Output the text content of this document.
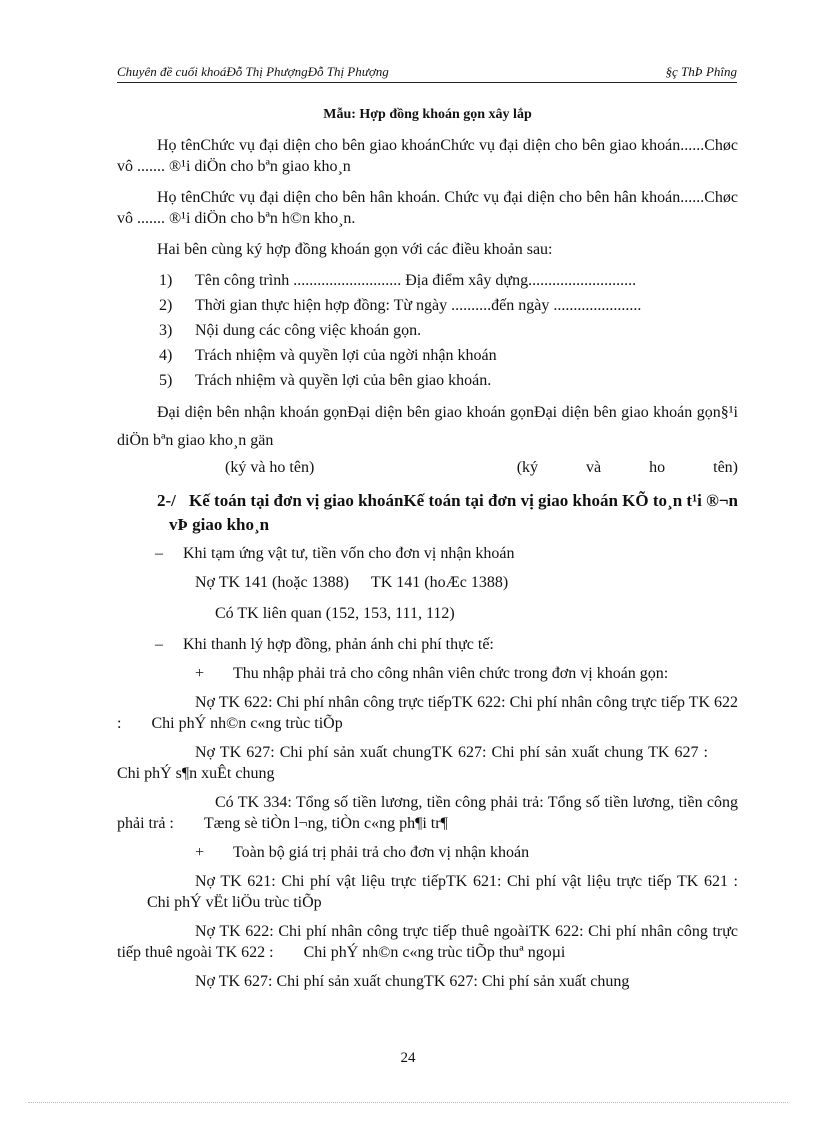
Chuyên đề cuối khoáĐỗ Thị PhượngĐỗ Thị Phượng	§ç ThÞ Phîng
Mẫu: Hợp đồng khoán gọn xây lắp

Họ tênChức vụ đại diện cho bên giao khoánChức vụ đại diện cho bên giao khoán......Chøc vô ....... ®¹i diÖn cho bªn giao kho¸n

Họ tênChức vụ đại diện cho bên hân khoán. Chức vụ đại diện cho bên hân khoán......Chøc vô ....... ®¹i diÖn cho bªn h©n kho¸n.

Hai bên cùng ký hợp đồng khoán gọn với các điều khoản sau:

1) Tên công trình ........................... Địa điểm xây dựng...........................
2) Thời gian thực hiện hợp đồng: Từ ngày ..........đến ngày ......................
3) Nội dung các công việc khoán gọn.
4) Trách nhiệm và quyền lợi của ngời nhận khoán
5) Trách nhiệm và quyền lợi của bên giao khoán.

Đại diện bên nhận khoán gọnĐại diện bên giao khoán gọnĐại diện bên giao khoán gọn§¹i diÖn bªn giao kho¸n gän

(ký và ho tên)	(ký và ho tên)
2-/ Kế toán tại đơn vị giao khoánKế toán tại đơn vị giao khoán KÕ to¸n t¹i ®¬n vÞ giao kho¸n
– Khi tạm ứng vật tư, tiền vốn cho đơn vị nhận khoán
Nợ TK 141 (hoặc 1388) TK 141 (hoÆc 1388)
Có TK liên quan (152, 153, 111, 112)
– Khi thanh lý hợp đồng, phản ánh chi phí thực tế:
+ Thu nhập phải trả cho công nhân viên chức trong đơn vị khoán gọn:

Nợ TK 622: Chi phí nhân công trực tiếpTK 622: Chi phí nhân công trực tiếp TK 622 : Chi phÝ nh©n c«ng trùc tiÕp

Nợ TK 627: Chi phí sản xuất chungTK 627: Chi phí sản xuất chung TK 627 :Chi phÝ s¶n xuÊt chung

Có TK 334: Tổng số tiền lương, tiền công phải trả: Tổng số tiền lương, tiền công phải trả : Tæng sè tiÒn l¬ng, tiÒn c«ng ph¶i tr¶

+ Toàn bộ giá trị phải trả cho đơn vị nhận khoán

Nợ TK 621: Chi phí vật liệu trực tiếpTK 621: Chi phí vật liệu trực tiếp TK 621 :Chi phÝ vËt liÖu trùc tiÕp

Nợ TK 622: Chi phí nhân công trực tiếp thuê ngoàiTK 622: Chi phí nhân công trực tiếp thuê ngoài TK 622 : Chi phÝ nh©n c«ng trùc tiÕp thuª ngoµi

Nợ TK 627: Chi phí sản xuất chungTK 627: Chi phí sản xuất chung

24
